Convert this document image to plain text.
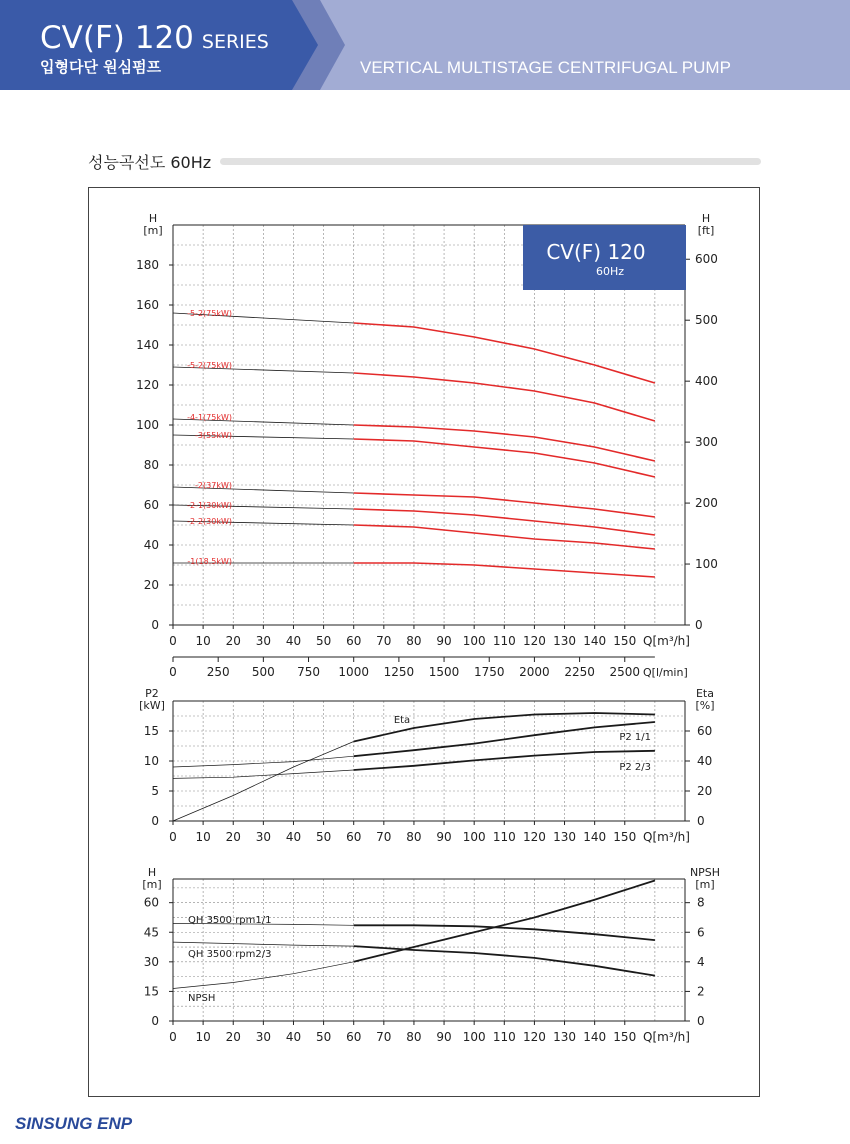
CV(F) 120 SERIES
입형다단 원심펌프	VERTICAL MULTISTAGE CENTRIFUGAL PUMP
성능곡선도 60Hz
0
20
40
60
80
100
120
140
160
180
0
100
200
300
400
500
600
H
[m]
H
[ft]
0 10 20 30 40 50 60 70 80 90 100 110 120 130 140 150 Q[m³/h]
0 250 500 750 1000 1250 1500 1750 2000 2250 2500 Q[l/min]
-5-2(75kW)
-5-2(75kW)
-4-1(75kW)
-3(55kW)
-2(37kW)
-2-1(30kW)
-2-2(30kW)
-1(18.5kW)
0
5
10
15
0
20
40
60
P2
[kW]
Eta
[%]
0 10 20 30 40 50 60 70 80 90 100 110 120 130 140 150 Q[m³/h]
Eta
P2 1/1
P2 2/3
0
15
30
45
60
0
2
4
6
8
H
[m]
NPSH
[m]
0 10 20 30 40 50 60 70 80 90 100 110 120 130 140 150 Q[m³/h]
QH 3500 rpm1/1
QH 3500 rpm2/3
NPSH
CV(F) 120
60Hz
SINSUNG ENP
